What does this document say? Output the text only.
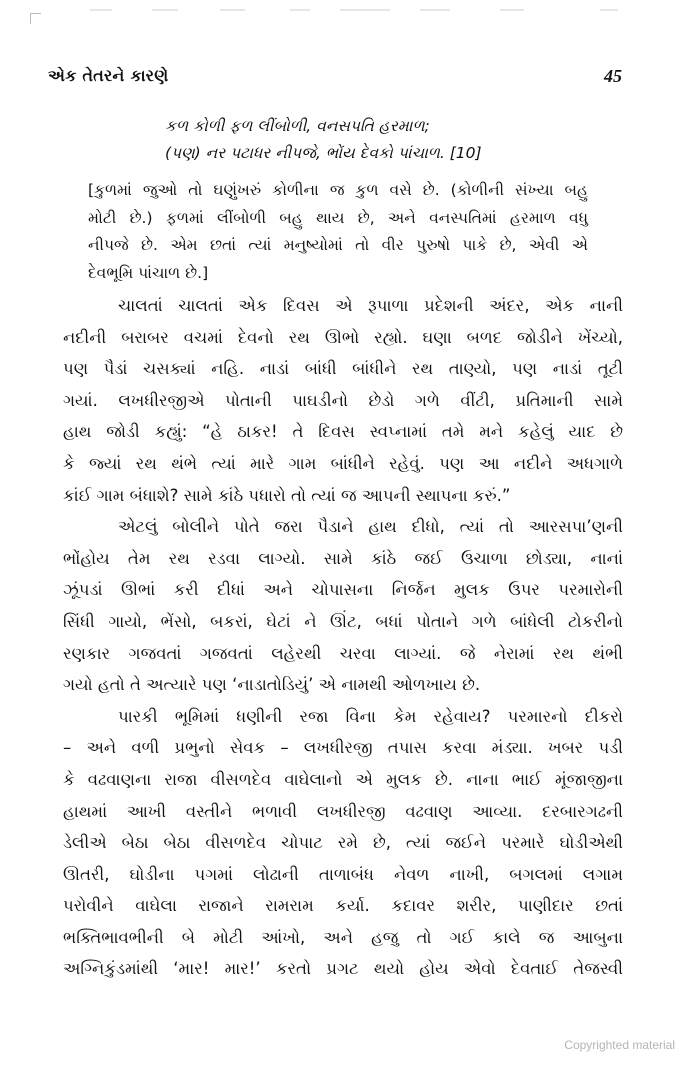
એક તેતરને કારણે	45
કળ કોળી ફળ લીંબોળી, વનસપતિ હરમાળ;
(પણ) નર પટાધર નીપજે, ભોંય દેવકો પાંચાળ. [10]
[કુળમાં જુઓ તો ઘણુંખરું કોળીના જ કુળ વસે છે. (કોળીની સંખ્યા બહુ
મોટી છે.) ફળમાં લીંબોળી બહુ થાય છે, અને વનસ્પતિમાં હરમાળ વધુ
નીપજે છે. એમ છતાં ત્યાં મનુષ્યોમાં તો વીર પુરુષો પાકે છે, એવી એ
દેવભૂમિ પાંચાળ છે.]
ચાલતાં ચાલતાં એક દિવસ એ રૂપાળા પ્રદેશની અંદર, એક નાની
નદીની બરાબર વચમાં દેવનો રથ ઊભો રહ્યો. ઘણા બળદ જોડીને ખેંચ્યો,
પણ પૈડાં ચસક્યાં નહિ. નાડાં બાંધી બાંધીને રથ તાણ્યો, પણ નાડાં તૂટી
ગયાં. લખધીરજીએ પોતાની પાઘડીનો છેડો ગળે વીંટી, પ્રતિમાની સામે
હાથ જોડી કહ્યું: “હે ઠાકર! તે દિવસ સ્વપ્નામાં તમે મને કહેલું યાદ છે
કે જ્યાં રથ થંભે ત્યાં મારે ગામ બાંધીને રહેવું. પણ આ નદીને અધગાળે
કાંઈ ગામ બંધાશે? સામે કાંઠે પધારો તો ત્યાં જ આપની સ્થાપના કરું.”
એટલું બોલીને પોતે જરા પૈડાને હાથ દીધો, ત્યાં તો આરસપા’ણની
ભોંહોય તેમ રથ રડવા લાગ્યો. સામે કાંઠે જઈ ઉચાળા છોડ્યા, નાનાં
ઝૂંપડાં ઊભાં કરી દીધાં અને ચોપાસના નિર્જન મુલક ઉપર પરમારોની
સિંધી ગાયો, ભેંસો, બકરાં, ઘેટાં ને ઊંટ, બધાં પોતાને ગળે બાંધેલી ટોકરીનો
રણકાર ગજવતાં ગજવતાં લહેરથી ચરવા લાગ્યાં. જે નેરામાં રથ થંભી
ગયો હતો તે અત્યારે પણ ‘નાડાતોડિયું’ એ નામથી ઓળખાય છે.
પારકી ભૂમિમાં ધણીની રજા વિના કેમ રહેવાય? પરમારનો દીકરો
– અને વળી પ્રભુનો સેવક – લખધીરજી તપાસ કરવા મંડ્યા. ખબર પડી
કે વઢવાણના રાજા વીસળદેવ વાઘેલાનો એ મુલક છે. નાના ભાઈ મૂંજાજીના
હાથમાં આખી વસ્તીને ભળાવી લખધીરજી વઢવાણ આવ્યા. દરબારગઢની
ડેલીએ બેઠા બેઠા વીસળદેવ ચોપાટ રમે છે, ત્યાં જઈને પરમારે ઘોડીએથી
ઊતરી, ઘોડીના પગમાં લોઢાની તાળાબંધ નેવળ નાખી, બગલમાં લગામ
પરોવીને વાઘેલા રાજાને રામરામ કર્યા. કદાવર શરીર, પાણીદાર છતાં
ભક્તિભાવભીની બે મોટી આંખો, અને હજુ તો ગઈ કાલે જ આબુના
અગ્નિકુંડમાંથી ‘માર! માર!’ કરતો પ્રગટ થયો હોય એવો દેવતાઈ તેજસ્વી
Copyrighted material
